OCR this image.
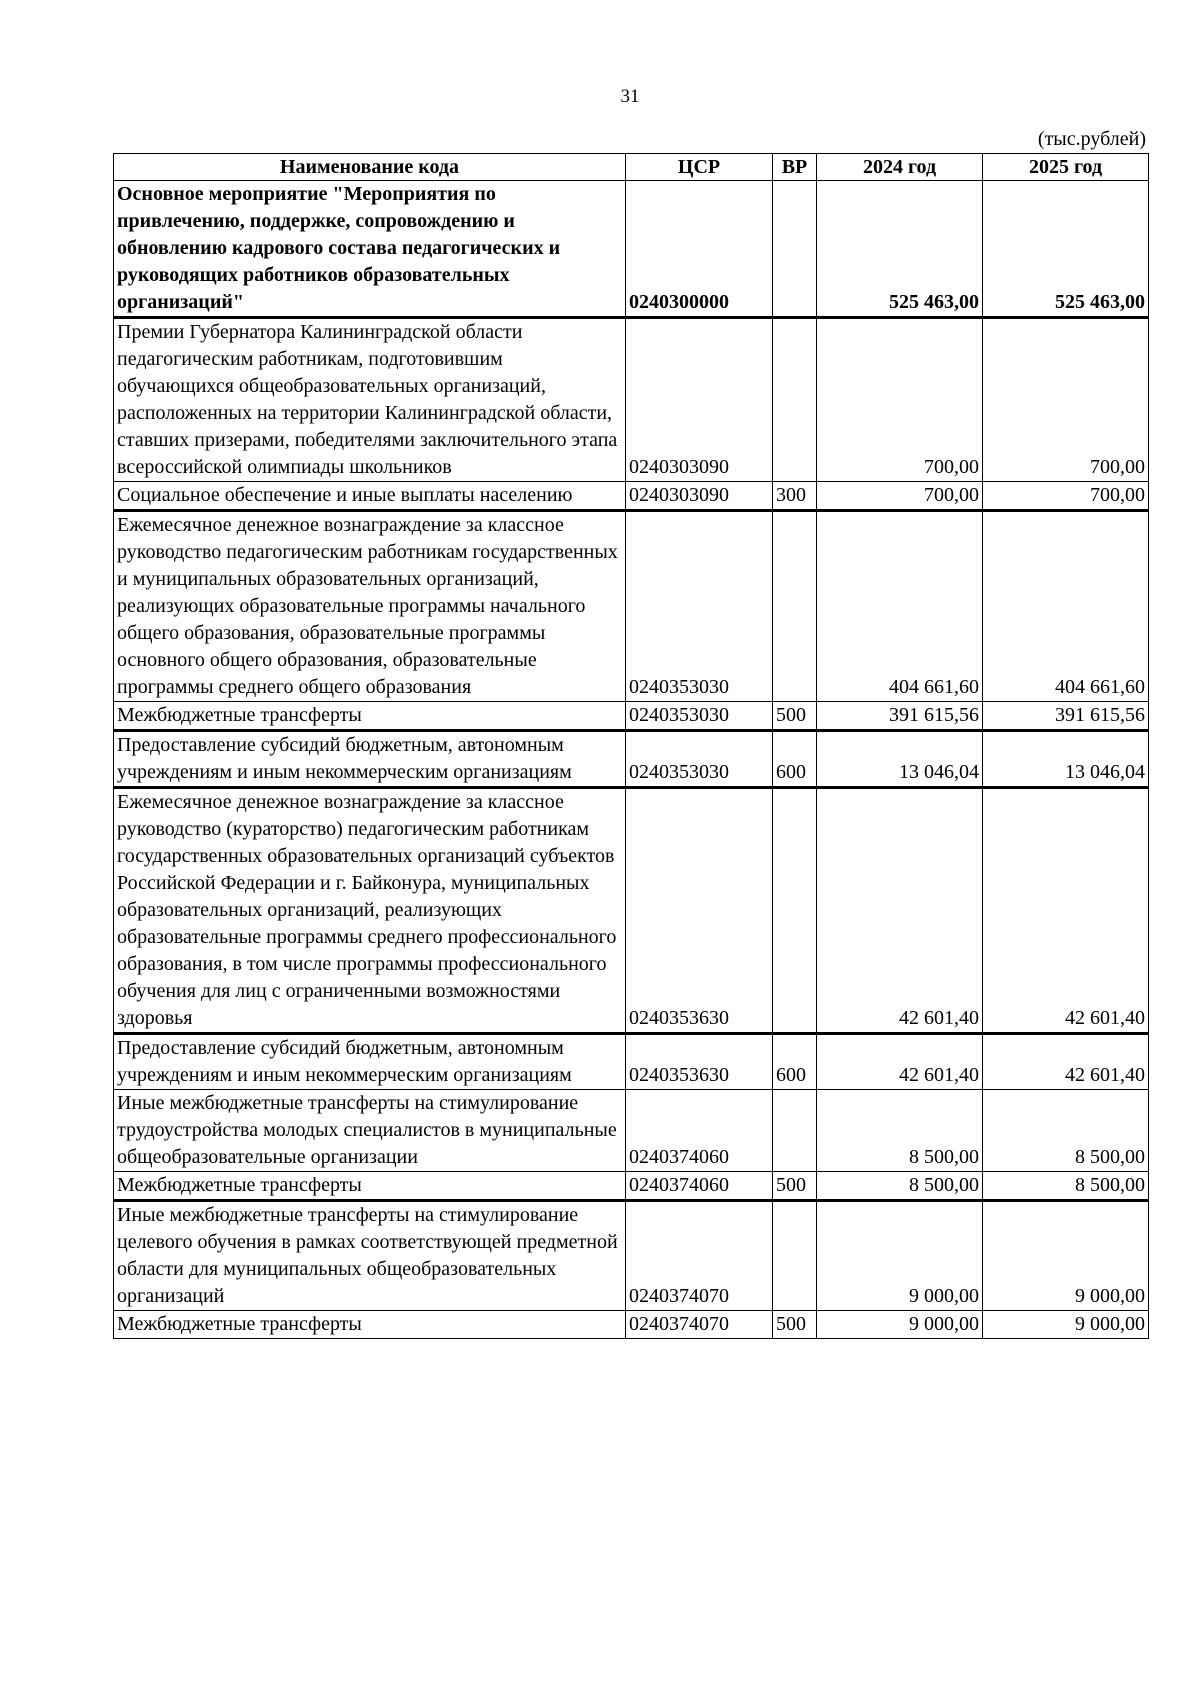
31
(тыс.рублей)
Наименование кода	ЦСР	ВР	2024 год	2025 год
Основное мероприятие "Мероприятия по привлечению, поддержке, сопровождению и обновлению кадрового состава педагогических и руководящих работников образовательных организаций"	0240300000		525 463,00	525 463,00
Премии Губернатора Калининградской области педагогическим работникам, подготовившим обучающихся общеобразовательных организаций, расположенных на территории Калининградской области, ставших призерами, победителями заключительного этапа всероссийской олимпиады школьников	0240303090		700,00	700,00
Социальное обеспечение и иные выплаты населению	0240303090	300	700,00	700,00
Ежемесячное денежное вознаграждение за классное руководство педагогическим работникам государственных и муниципальных образовательных организаций, реализующих образовательные программы начального общего образования, образовательные программы основного общего образования, образовательные программы среднего общего образования	0240353030		404 661,60	404 661,60
Межбюджетные трансферты	0240353030	500	391 615,56	391 615,56
Предоставление субсидий бюджетным, автономным учреждениям и иным некоммерческим организациям	0240353030	600	13 046,04	13 046,04
Ежемесячное денежное вознаграждение за классное руководство (кураторство) педагогическим работникам государственных образовательных организаций субъектов Российской Федерации и г. Байконура, муниципальных образовательных организаций, реализующих образовательные программы среднего профессионального образования, в том числе программы профессионального обучения для лиц с ограниченными возможностями здоровья	0240353630		42 601,40	42 601,40
Предоставление субсидий бюджетным, автономным учреждениям и иным некоммерческим организациям	0240353630	600	42 601,40	42 601,40
Иные межбюджетные трансферты на стимулирование трудоустройства молодых специалистов в муниципальные общеобразовательные организации	0240374060		8 500,00	8 500,00
Межбюджетные трансферты	0240374060	500	8 500,00	8 500,00
Иные межбюджетные трансферты на стимулирование целевого обучения в рамках соответствующей предметной области для муниципальных общеобразовательных организаций	0240374070		9 000,00	9 000,00
Межбюджетные трансферты	0240374070	500	9 000,00	9 000,00
